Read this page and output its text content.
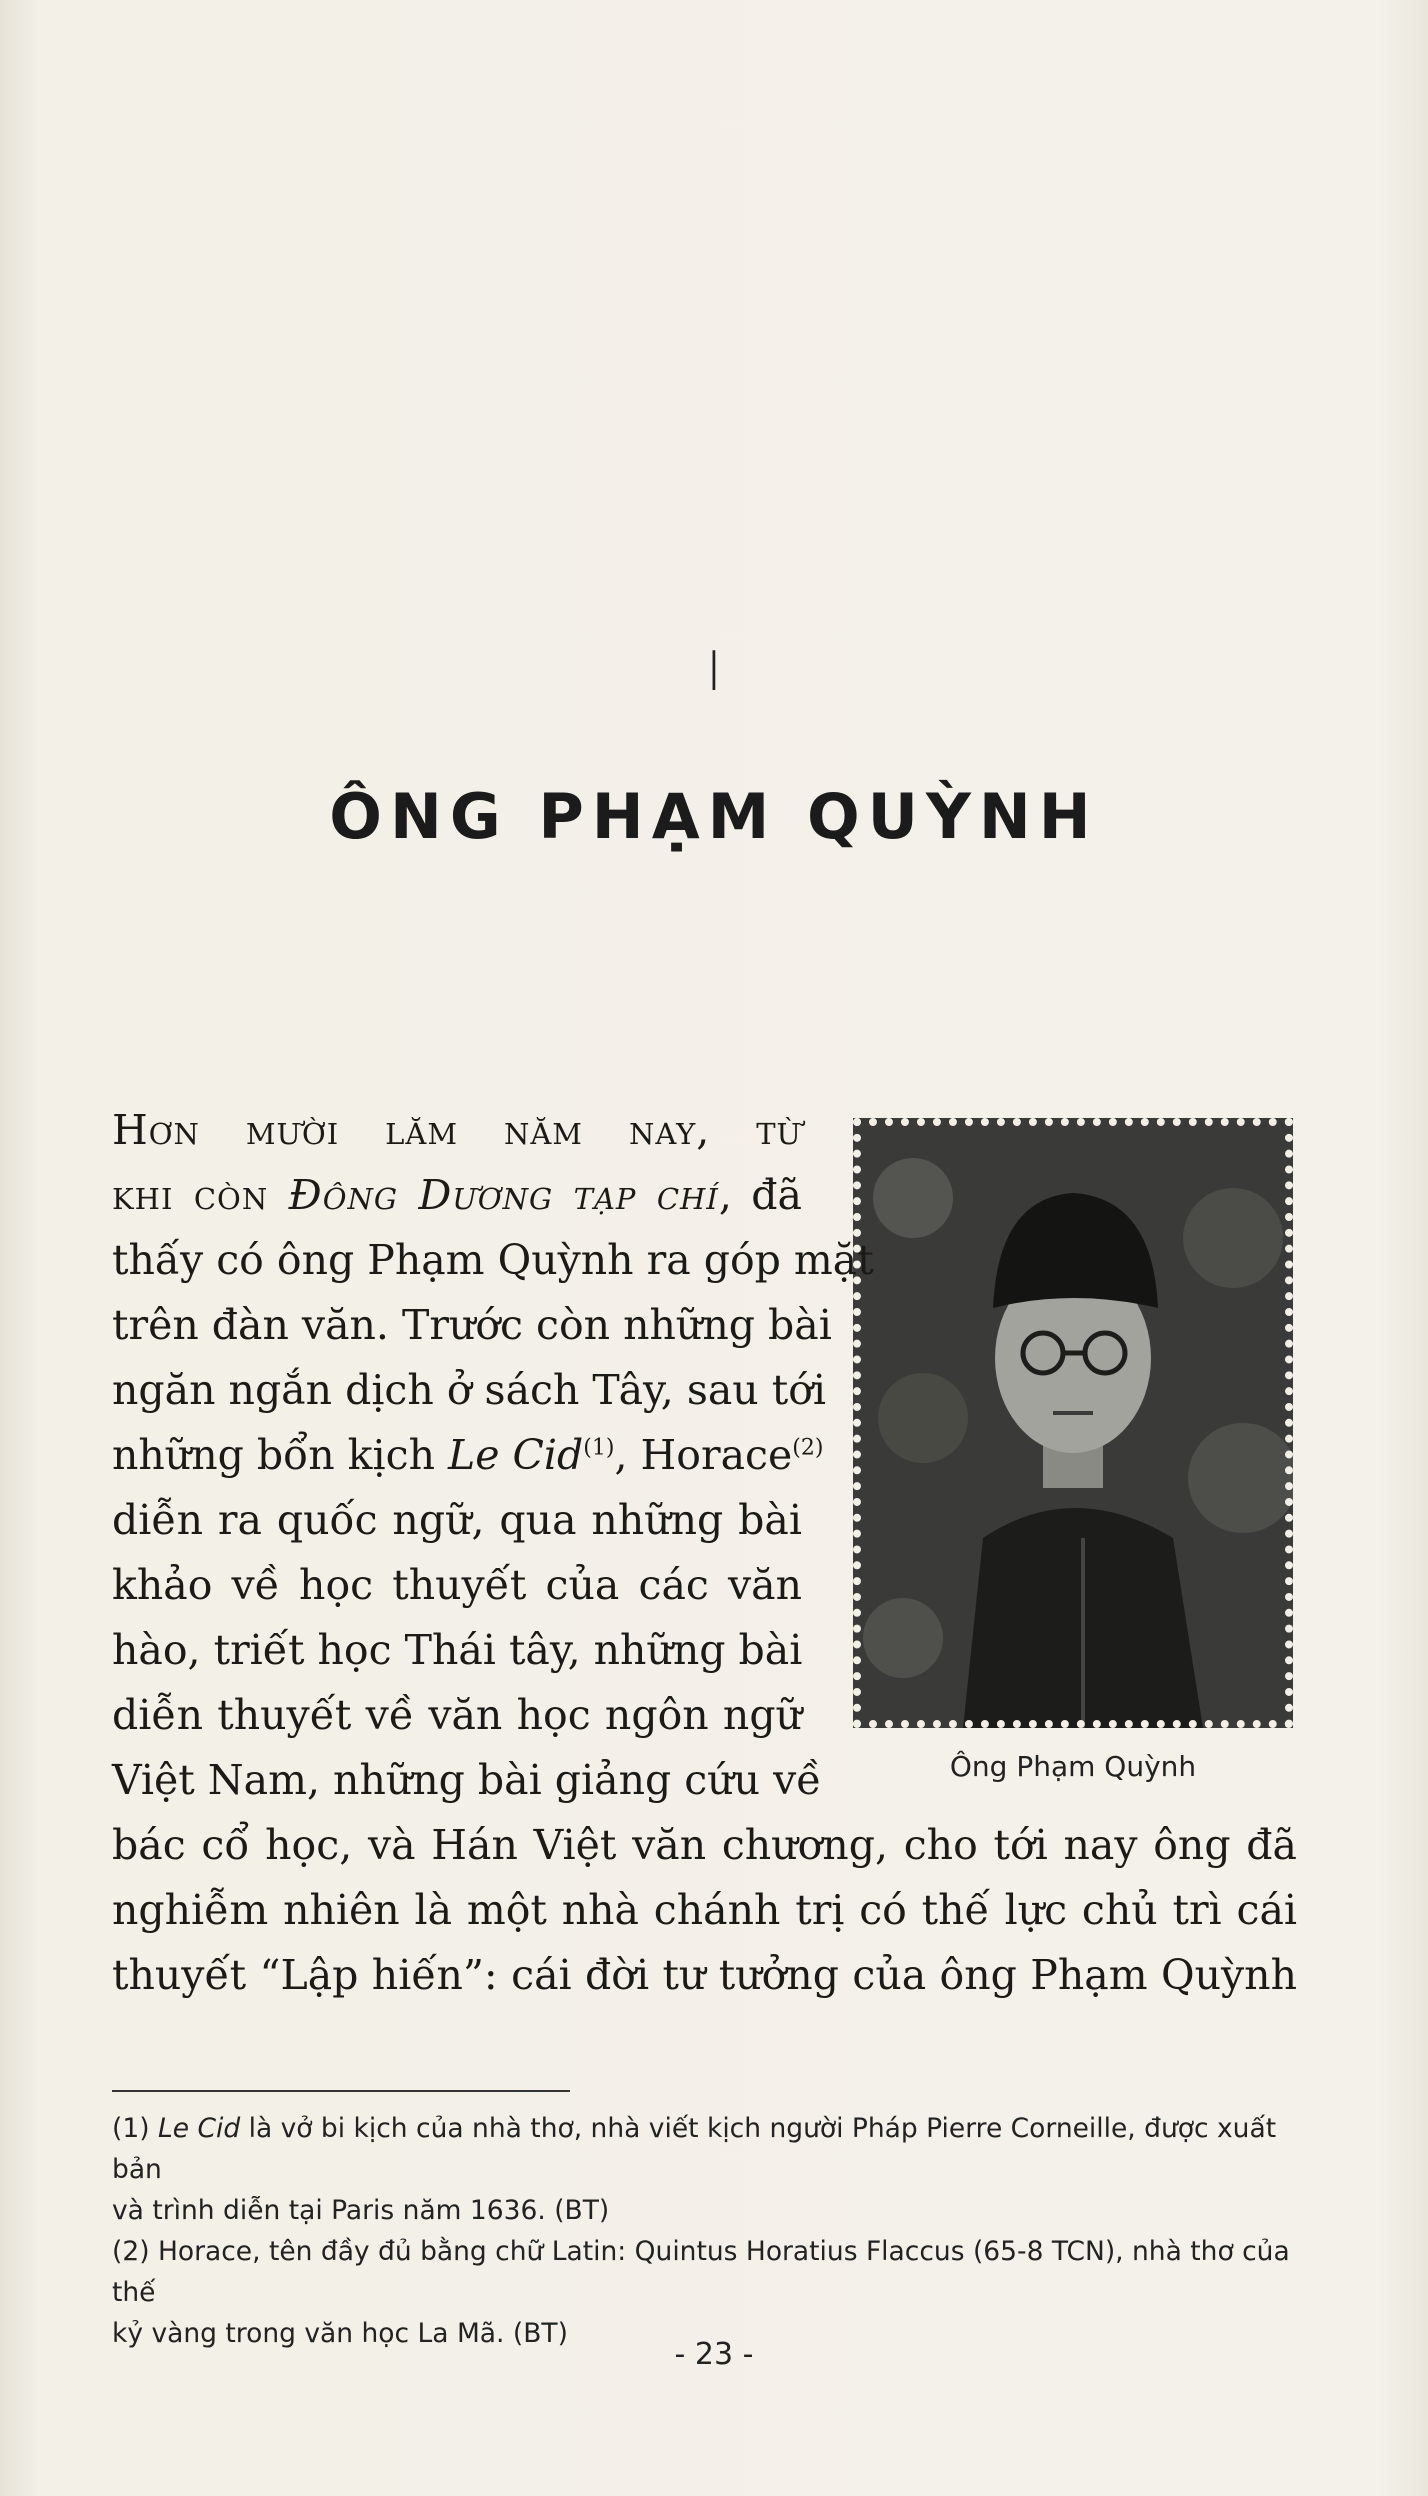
I
ÔNG PHẠM QUỲNH
Ông Phạm Quỳnh
Hơn mười lăm năm nay, từ
khi còn Đông Dương tạp chí, đã
thấy có ông Phạm Quỳnh ra góp mặt
trên đàn văn. Trước còn những bài
ngăn ngắn dịch ở sách Tây, sau tới
những bổn kịch Le Cid$^{(1)}$, Horace$^{(2)}$
diễn ra quốc ngữ, qua những bài
khảo về học thuyết của các văn
hào, triết học Thái tây, những bài
diễn thuyết về văn học ngôn ngữ
Việt Nam, những bài giảng cứu về
bác cổ học, và Hán Việt văn chương, cho tới nay ông đã
nghiễm nhiên là một nhà chánh trị có thế lực chủ trì cái
thuyết “Lập hiến”: cái đời tư tưởng của ông Phạm Quỳnh
(1) Le Cid là vở bi kịch của nhà thơ, nhà viết kịch người Pháp Pierre Corneille, được xuất bản
và trình diễn tại Paris năm 1636. (BT)
(2) Horace, tên đầy đủ bằng chữ Latin: Quintus Horatius Flaccus (65-8 TCN), nhà thơ của thế
kỷ vàng trong văn học La Mã. (BT)
- 23 -
